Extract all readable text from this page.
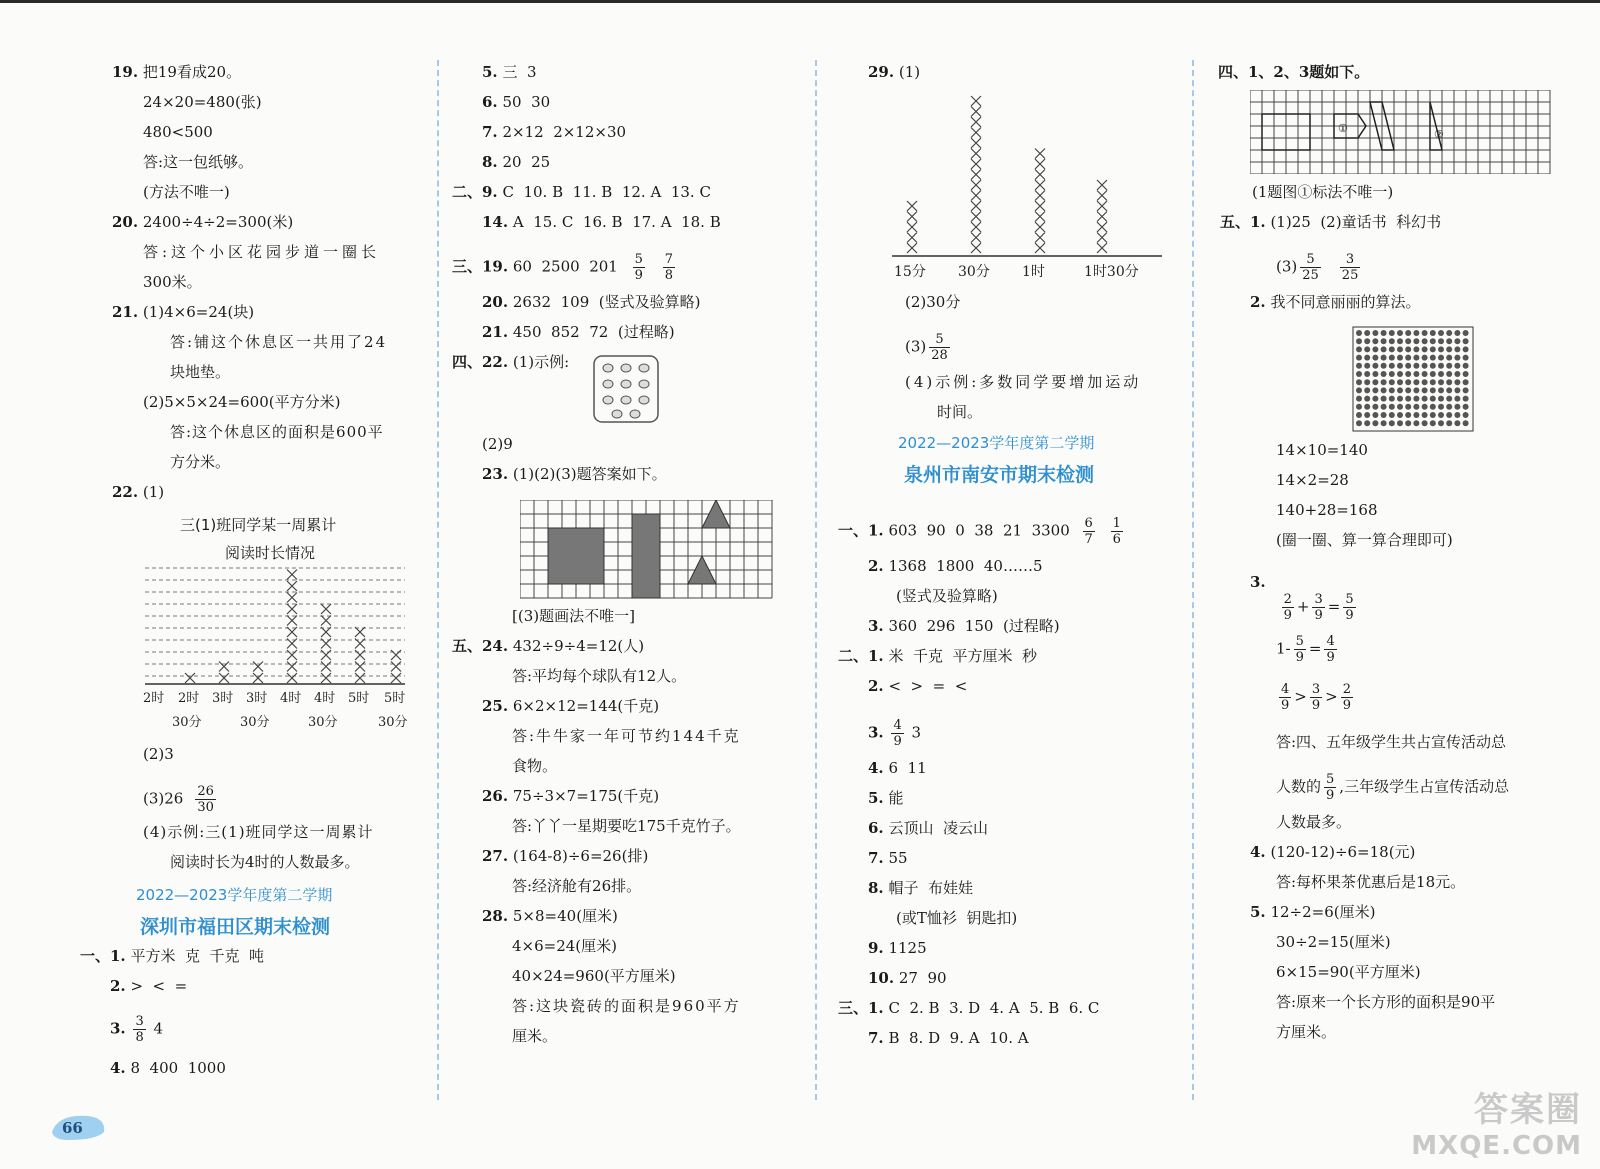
19. 把19看成20。
24×20=480(张)
480<500
答:这一包纸够。
(方法不唯一)
20. 2400÷4÷2=300(米)
答:这个小区花园步道一圈长
300米。
21. (1)4×6=24(块)
答:铺这个休息区一共用了24
块地垫。
(2)5×5×24=600(平方分米)
答:这个休息区的面积是600平
方分米。
22. (1)
三(1)班同学某一周累计
阅读时长情况
2时 2时 3时 3时 4时 4时 5时 5时
30分	30分	30分	30分
(2)3
$(3)26 \frac{26}{30}$
(4)示例:三(1)班同学这一周累计
阅读时长为4时的人数最多。
2022—2023学年度第二学期
深圳市福田区期末检测
一、1. 平方米  克  千克  吨
2. >  <  =
3. $\frac{3}{8} 4$
4. 8  400  1000
5. 三  3
6. 50  30
7. 2×12  2×12×30
8. 20  25
二、9. C  10. B  11. B  12. A  13. C
14. A  15. C  16. B  17. A  18. B
三、19. 60  2500  $201 \frac{5}{9}$
$\frac{7}{8}$
20. 2632  109  (竖式及验算略)
21. 450  852  72  (过程略)
四、22. (1)示例:
(2)9
23. (1)(2)(3)题答案如下。
[(3)题画法不唯一]
五、24. 432÷9÷4=12(人)
答:平均每个球队有12人。
25. 6×2×12=144(千克)
答:牛牛家一年可节约144千克
食物。
26. 75÷3×7=175(千克)
答:丫丫一星期要吃175千克竹子。
27. (164-8)÷6=26(排)
答:经济舱有26排。
28. 5×8=40(厘米)
4×6=24(厘米)
40×24=960(平方厘米)
答:这块瓷砖的面积是960平方
厘米。
29. (1)
15分 30分 1时	1时30分
(2)30分
$(3) \frac{5}{28}$
(4)示例:多数同学要增加运动
时间。
2022—2023学年度第二学期
泉州市南安市期末检测
一、1. 603  90  0  38  21  $3300 \frac{6}{7}$
$\frac{1}{6}$
2. 1368  1800  40……5
(竖式及验算略)
3. 360  296  150  (过程略)
二、1. 米  千克  平方厘米  秒
2. <  >  =  <
3. $\frac{4}{9} 3$
4. 6  11
5. 能
6. 云顶山  凌云山
7. 55
8. 帽子  布娃娃
(或T恤衫  钥匙扣)
9. 1125
10. 27  90
三、1. C  2. B  3. D  4. A  5. B  6. C
7. B  8. D  9. A  10. A
四、1、2、3题如下。
①	②
(1题图①标法不唯一)
五、1. (1)25  (2)童话书  科幻书
$(3) \frac{5}{25} \frac{3}{25}$
2. 我不同意丽丽的算法。
14×10=140
14×2=28
140+28=168
(圈一圈、算一算合理即可)
3.

$\frac{2}{9} + \frac{3}{9} = \frac{5}{9}$

$1- \frac{5}{9} = \frac{4}{9}$
$\frac{4}{9} > \frac{3}{9} > \frac{2}{9}$
答:四、五年级学生共占宣传活动总
人数的 $\frac{5}{9}$ ,三年级学生占宣传活动总
人数最多。
4. (120-12)÷6=18(元)
答:每杯果茶优惠后是18元。
5. 12÷2=6(厘米)
30÷2=15(厘米)
6×15=90(平方厘米)
答:原来一个长方形的面积是90平
方厘米。
66	答案圈
MXQE.COM
